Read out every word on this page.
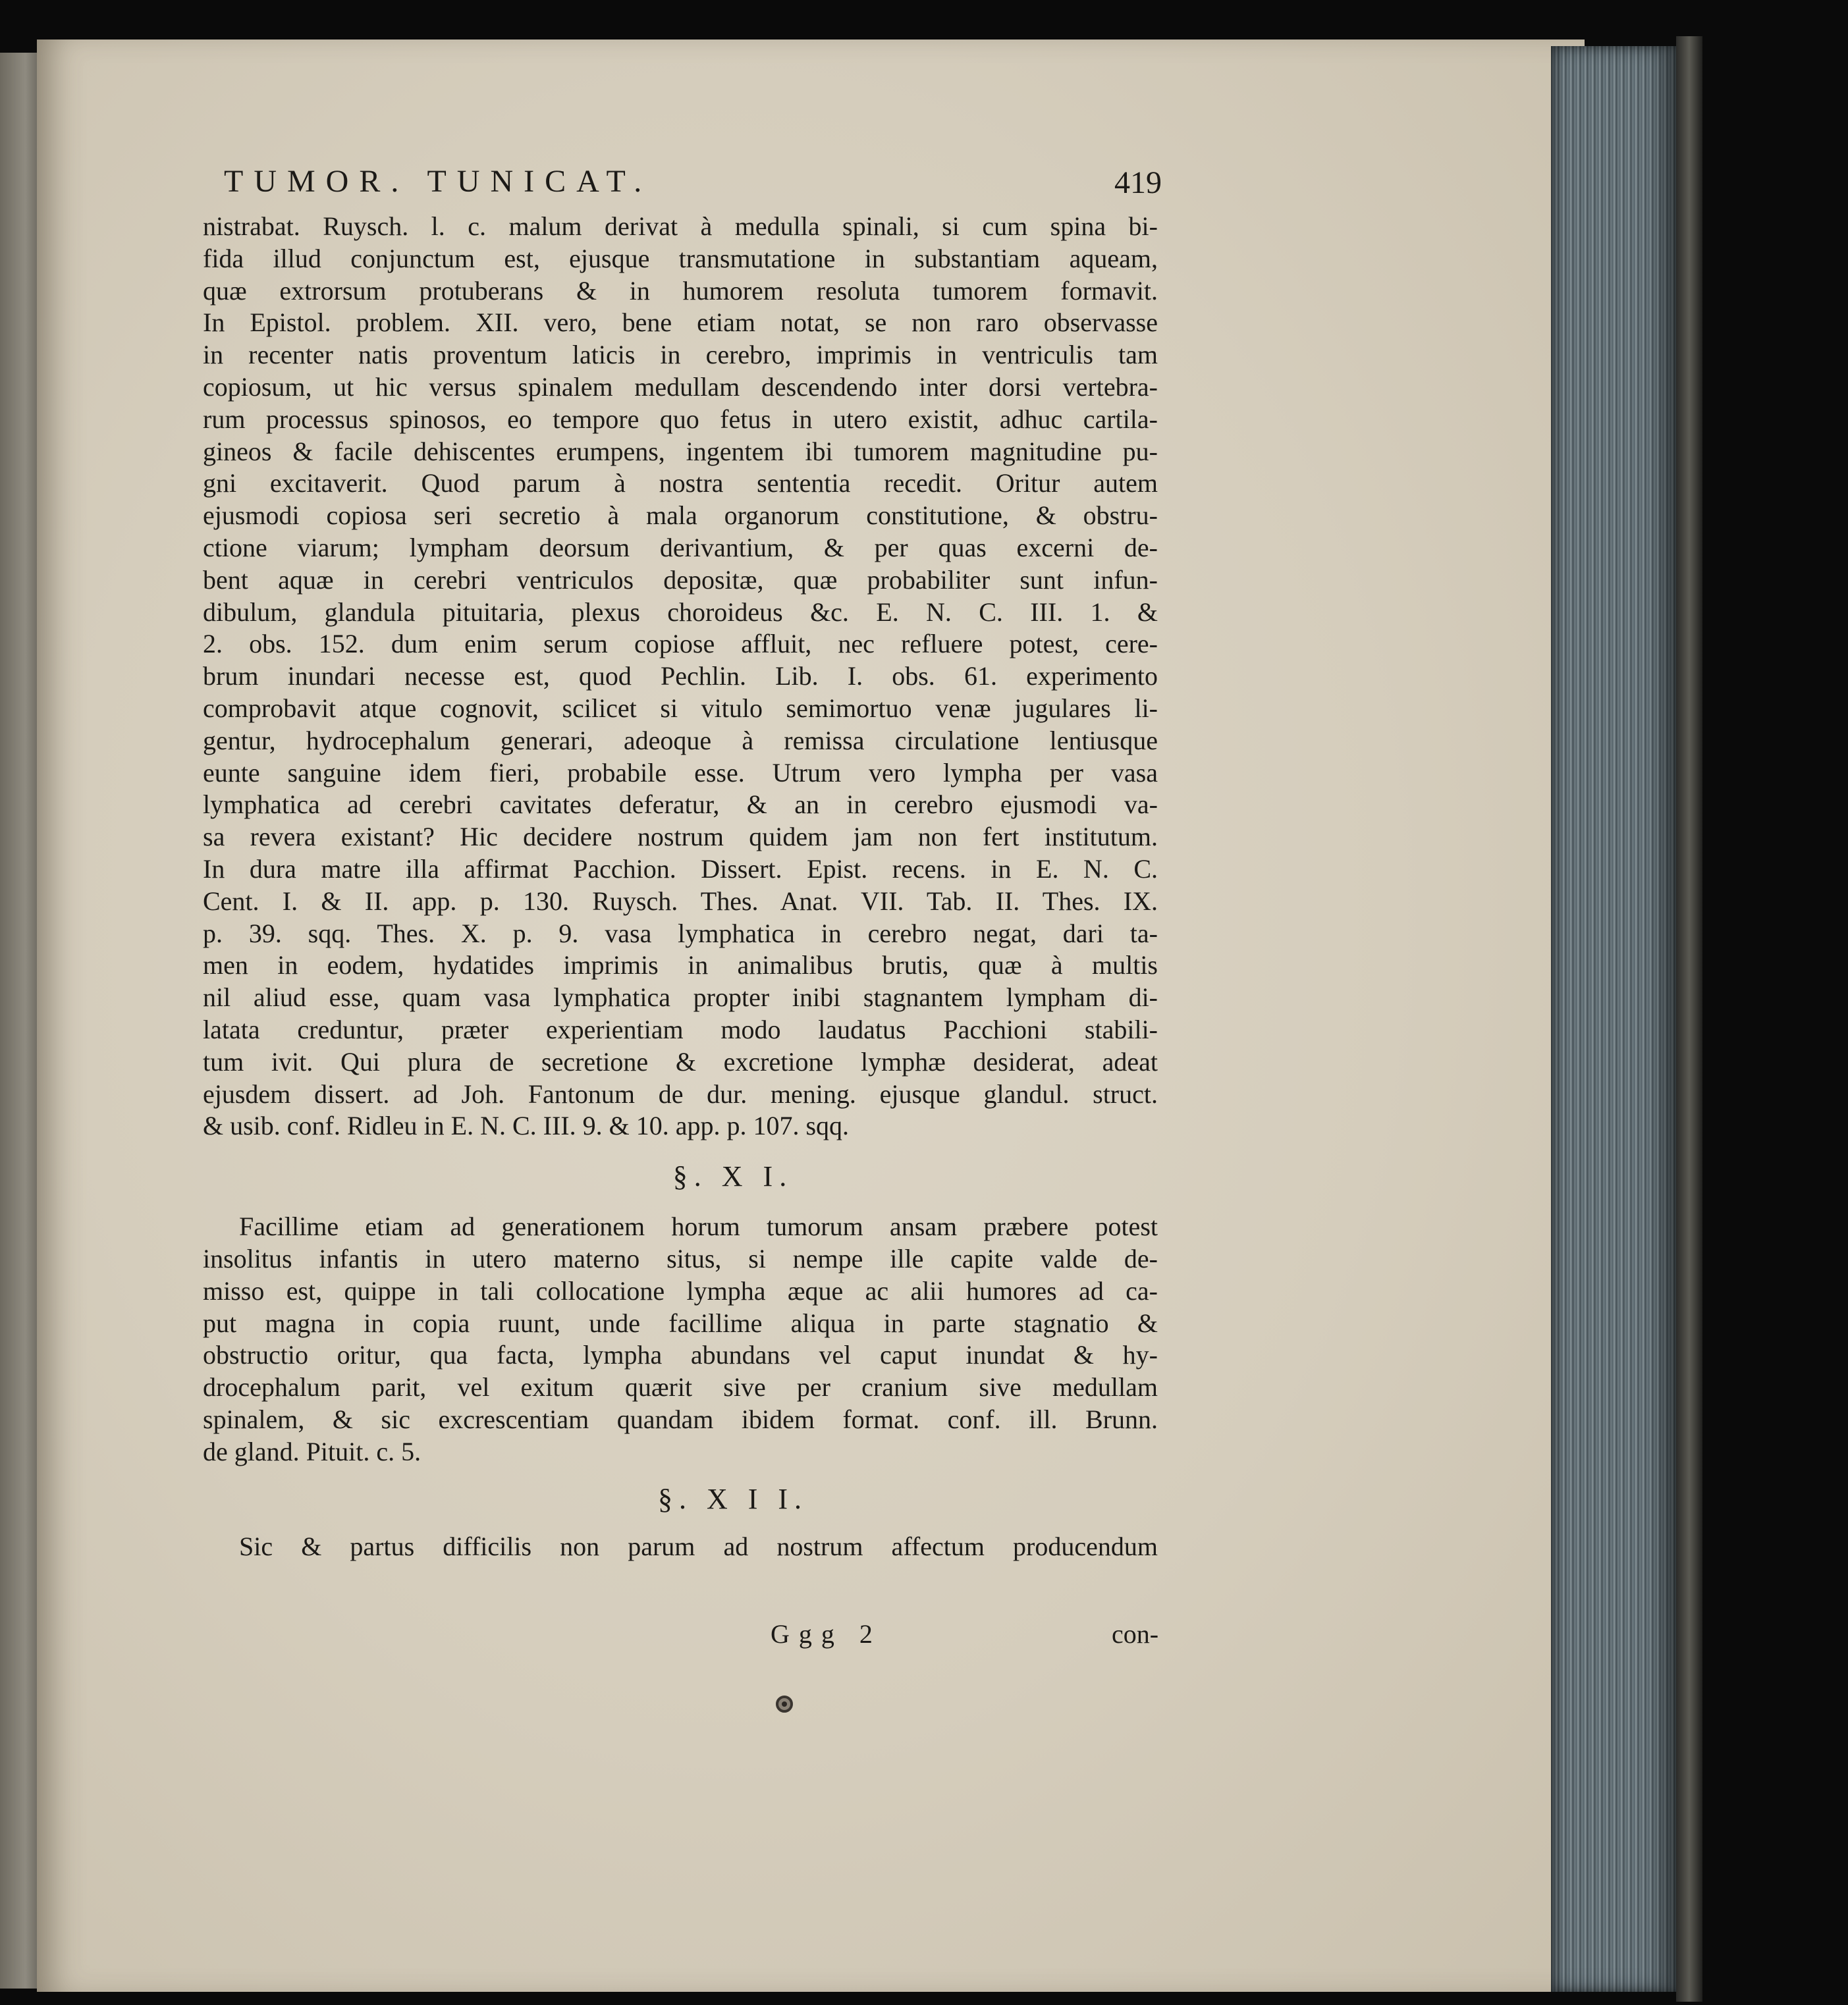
TUMOR. TUNICAT.	419
nistrabat. Ruysch. l. c. malum derivat à medulla spinali, si cum spina bi-
fida illud conjunctum est, ejusque transmutatione in substantiam aqueam,
quæ extrorsum protuberans & in humorem resoluta tumorem formavit.
In Epistol. problem. XII. vero, bene etiam notat, se non raro observasse
in recenter natis proventum laticis in cerebro, imprimis in ventriculis tam
copiosum, ut hic versus spinalem medullam descendendo inter dorsi vertebra-
rum processus spinosos, eo tempore quo fetus in utero existit, adhuc cartila-
gineos & facile dehiscentes erumpens, ingentem ibi tumorem magnitudine pu-
gni excitaverit. Quod parum à nostra sententia recedit. Oritur autem
ejusmodi copiosa seri secretio à mala organorum constitutione, & obstru-
ctione viarum; lympham deorsum derivantium, & per quas excerni de-
bent aquæ in cerebri ventriculos depositæ, quæ probabiliter sunt infun-
dibulum, glandula pituitaria, plexus choroideus &c. E. N. C. III. 1. &
2. obs. 152. dum enim serum copiose affluit, nec refluere potest, cere-
brum inundari necesse est, quod Pechlin. Lib. I. obs. 61. experimento
comprobavit atque cognovit, scilicet si vitulo semimortuo venæ jugulares li-
gentur, hydrocephalum generari, adeoque à remissa circulatione lentiusque
eunte sanguine idem fieri, probabile esse. Utrum vero lympha per vasa
lymphatica ad cerebri cavitates deferatur, & an in cerebro ejusmodi va-
sa revera existant? Hic decidere nostrum quidem jam non fert institutum.
In dura matre illa affirmat Pacchion. Dissert. Epist. recens. in E. N. C.
Cent. I. & II. app. p. 130. Ruysch. Thes. Anat. VII. Tab. II. Thes. IX.
p. 39. sqq. Thes. X. p. 9. vasa lymphatica in cerebro negat, dari ta-
men in eodem, hydatides imprimis in animalibus brutis, quæ à multis
nil aliud esse, quam vasa lymphatica propter inibi stagnantem lympham di-
latata creduntur, præter experientiam modo laudatus Pacchioni stabili-
tum ivit. Qui plura de secretione & excretione lymphæ desiderat, adeat
ejusdem dissert. ad Joh. Fantonum de dur. mening. ejusque glandul. struct.
& usib. conf. Ridleu in E. N. C. III. 9. & 10. app. p. 107. sqq.
§. X I.
Facillime etiam ad generationem horum tumorum ansam præbere potest
insolitus infantis in utero materno situs, si nempe ille capite valde de-
misso est, quippe in tali collocatione lympha æque ac alii humores ad ca-
put magna in copia ruunt, unde facillime aliqua in parte stagnatio &
obstructio oritur, qua facta, lympha abundans vel caput inundat & hy-
drocephalum parit, vel exitum quærit sive per cranium sive medullam
spinalem, & sic excrescentiam quandam ibidem format. conf. ill. Brunn.
de gland. Pituit. c. 5.
§. X I I.
Sic & partus difficilis non parum ad nostrum affectum producendum
Ggg 2	con-
